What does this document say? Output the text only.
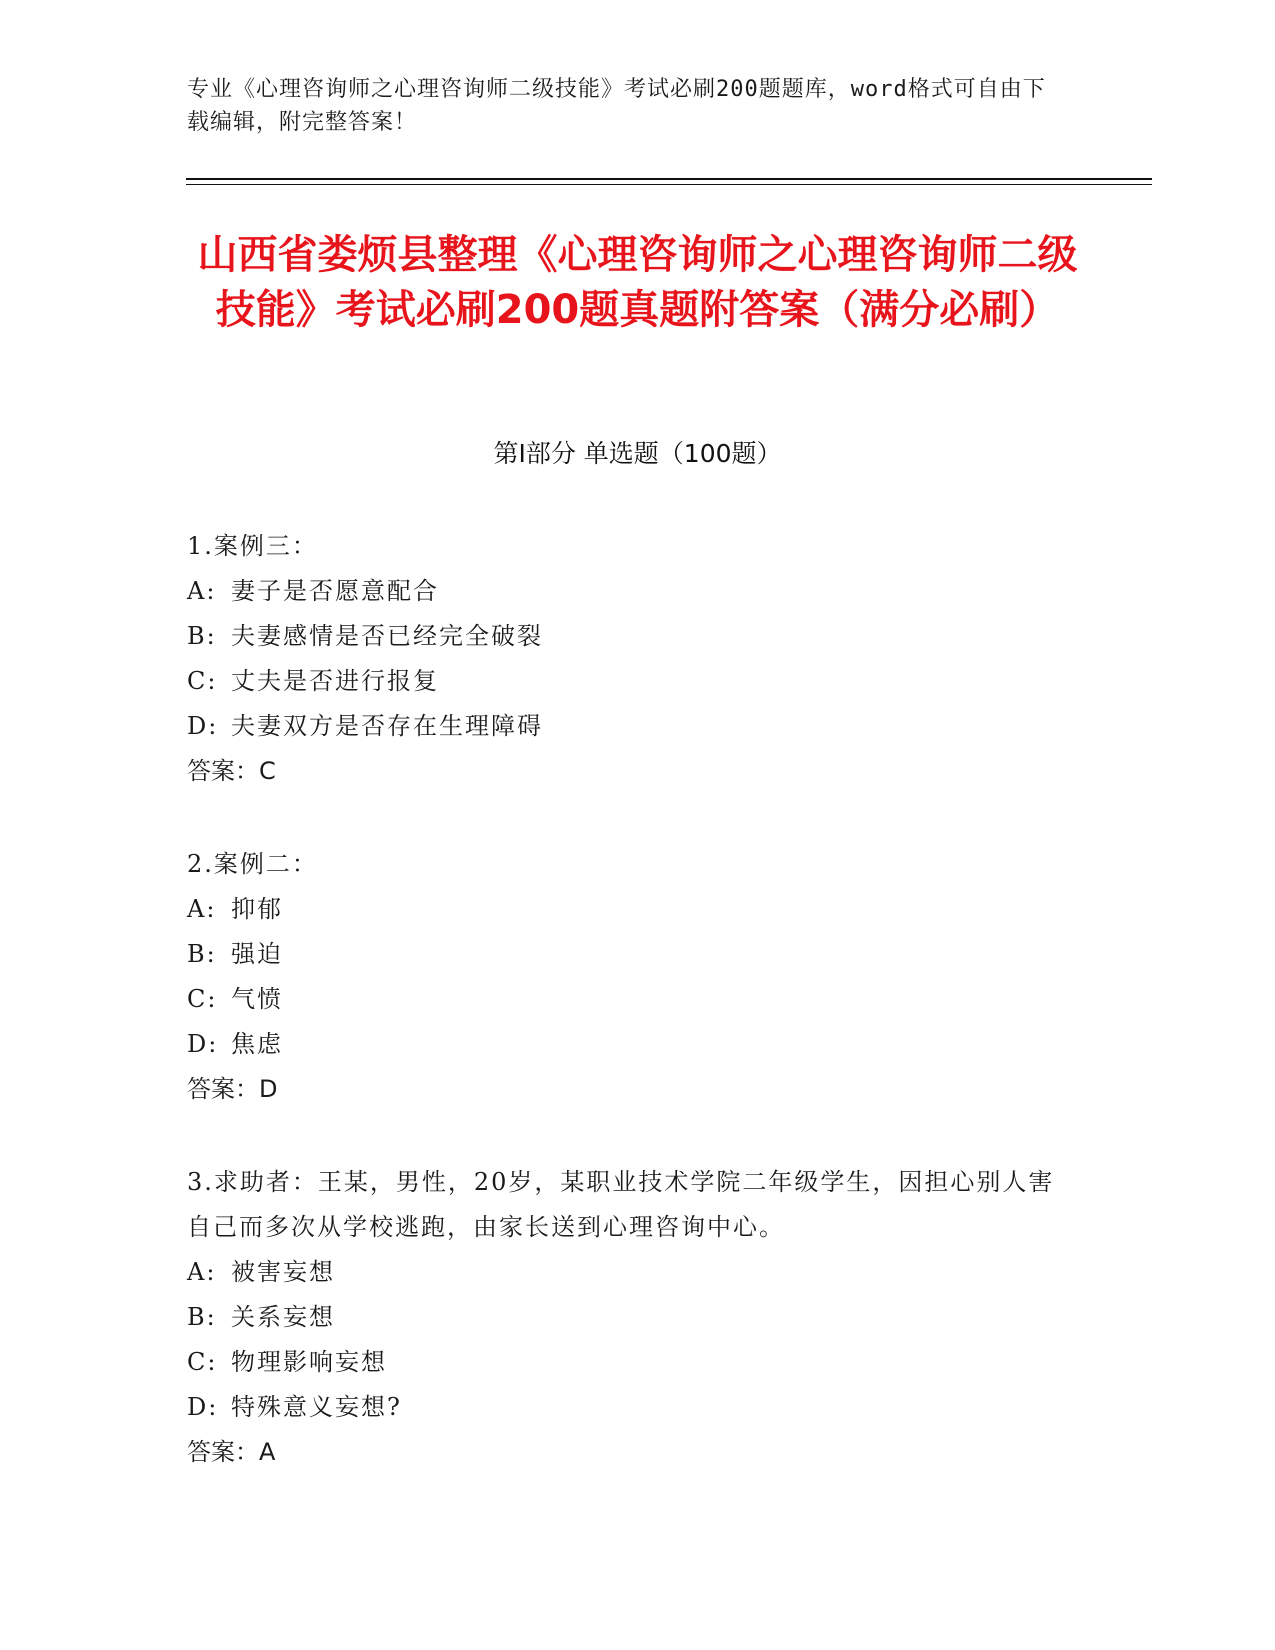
专业《心理咨询师之心理咨询师二级技能》考试必刷200题题库，word格式可自由下载编辑，附完整答案！
山西省娄烦县整理《心理咨询师之心理咨询师二级技能》考试必刷200题真题附答案（满分必刷）
第Ⅰ部分 单选题（100题）

1.案例三：

A: 妻子是否愿意配合

B: 夫妻感情是否已经完全破裂

C: 丈夫是否进行报复

D: 夫妻双方是否存在生理障碍

答案：C

2.案例二：

A: 抑郁

B: 强迫

C: 气愤

D: 焦虑

答案：D

3.求助者：王某，男性，20岁，某职业技术学院二年级学生，因担心别人害自己而多次从学校逃跑，由家长送到心理咨询中心。

A: 被害妄想

B: 关系妄想

C: 物理影响妄想

D: 特殊意义妄想?

答案：A
